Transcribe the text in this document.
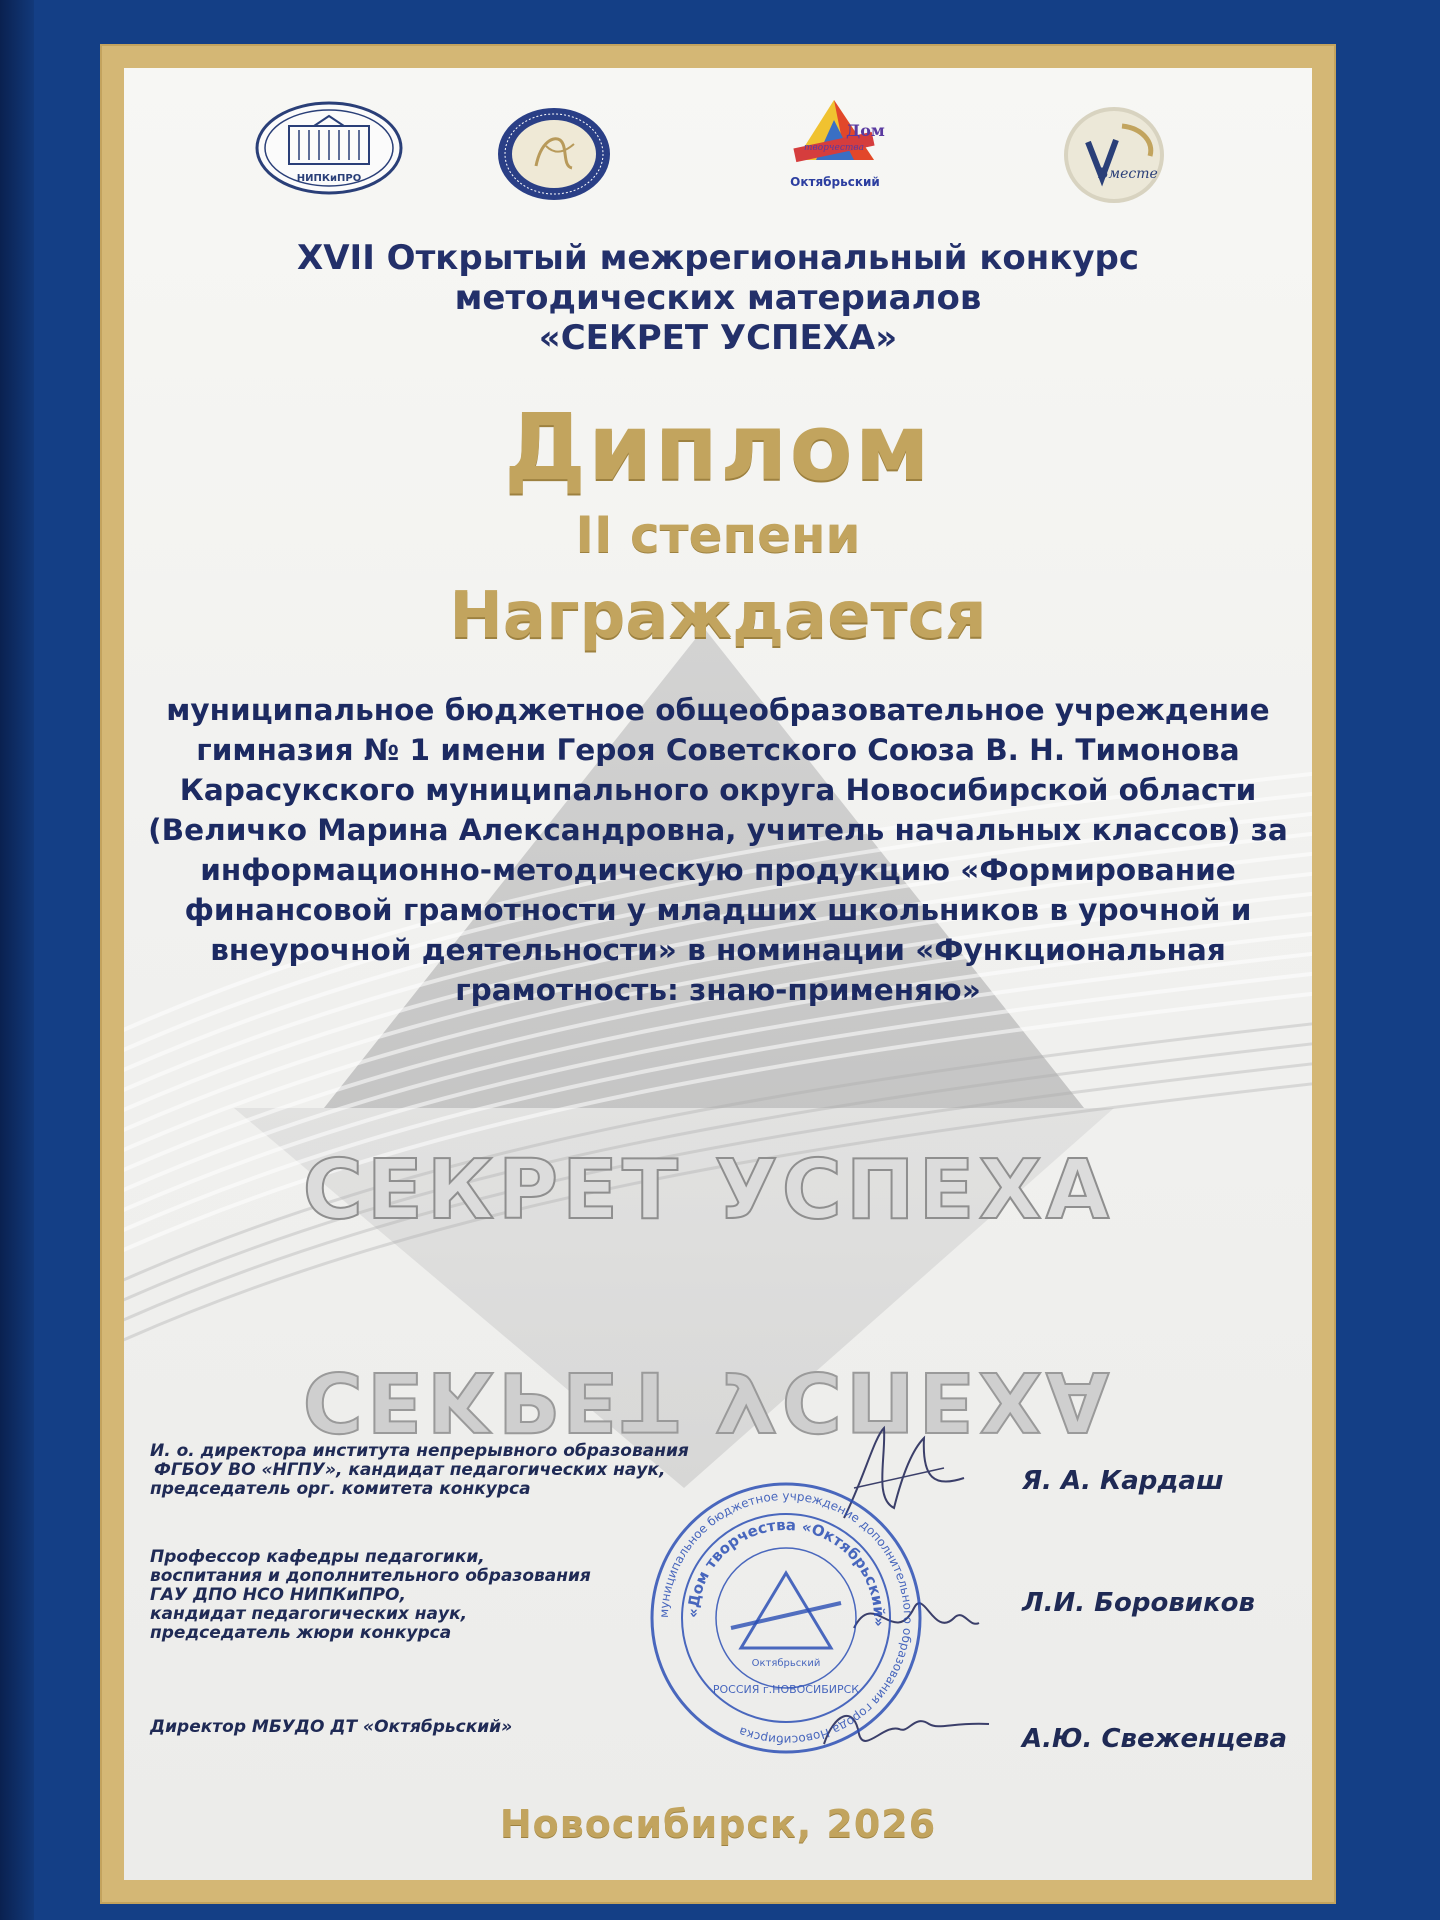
СЕКРЕТ УСПЕХА
СЕКРЕТ УСПЕХА
НИПКиПРО
Дом
творчества
Октябрьский	Вместе
XVII Открытый межрегиональный конкурс
методических материалов
«СЕКРЕТ УСПЕХА»
Диплом
II степени
Награждается
муниципальное бюджетное общеобразовательное учреждение
гимназия № 1 имени Героя Советского Союза В. Н. Тимонова
Карасукского муниципального округа Новосибирской области
(Величко Марина Александровна, учитель начальных классов) за
информационно-методическую продукцию «Формирование
финансовой грамотности у младших школьников в урочной и
внеурочной деятельности» в номинации «Функциональная
грамотность: знаю-применяю»
И. о. директора института непрерывного образования
ФГБОУ ВО «НГПУ», кандидат педагогических наук,
председатель орг. комитета конкурса	Я. А. Кардаш
Профессор кафедры педагогики,
воспитания и дополнительного образования
ГАУ ДПО НСО НИПКиПРО,
кандидат педагогических наук,
председатель жюри конкурса
Л.И. Боровиков
Директор МБУДО ДТ «Октябрьский»	А.Ю. Свеженцева
муниципальное бюджетное учреждение дополнительного образования города Новосибирска
«Дом творчества «Октябрьский»
Октябрьский
РОССИЯ г.НОВОСИБИРСК
Новосибирск, 2026
